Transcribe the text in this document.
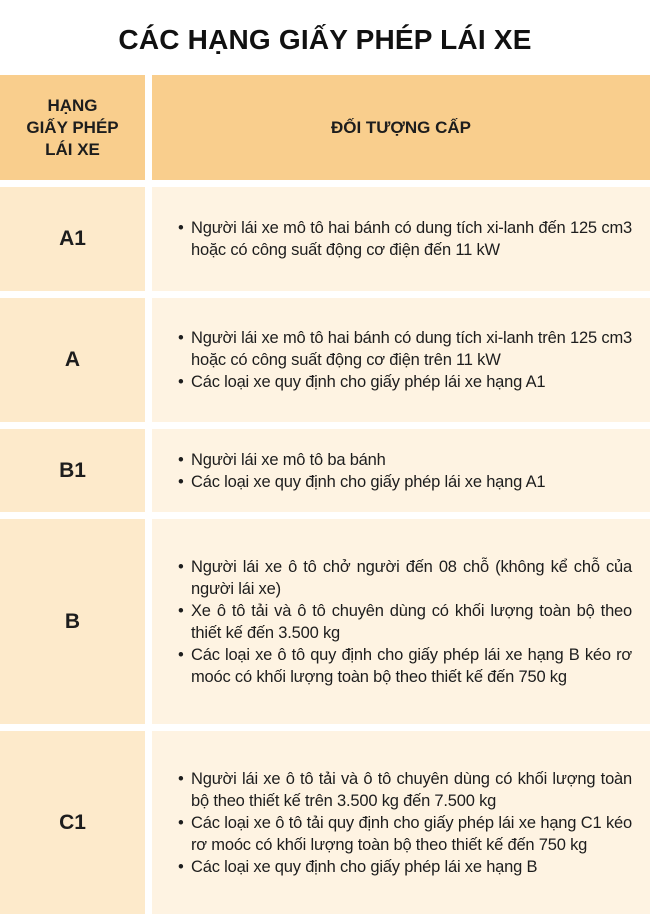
CÁC HẠNG GIẤY PHÉP LÁI XE
HẠNG
GIẤY PHÉP
LÁI XE
ĐỐI TƯỢNG CẤP
A1	• Người lái xe mô tô hai bánh có dung tích xi-lanh đến 125 cm3 hoặc có công suất động cơ điện đến 11 kW
A
• Người lái xe mô tô hai bánh có dung tích xi-lanh trên 125 cm3 hoặc có công suất động cơ điện trên 11 kW
• Các loại xe quy định cho giấy phép lái xe hạng A1
B1	• Người lái xe mô tô ba bánh
• Các loại xe quy định cho giấy phép lái xe hạng A1
B
• Người lái xe ô tô chở người đến 08 chỗ (không kể chỗ của người lái xe)
• Xe ô tô tải và ô tô chuyên dùng có khối lượng toàn bộ theo thiết kế đến 3.500 kg
• Các loại xe ô tô quy định cho giấy phép lái xe hạng B kéo rơ moóc có khối lượng toàn bộ theo thiết kế đến 750 kg
C1
• Người lái xe ô tô tải và ô tô chuyên dùng có khối lượng toàn bộ theo thiết kế trên 3.500 kg đến 7.500 kg
• Các loại xe ô tô tải quy định cho giấy phép lái xe hạng C1 kéo rơ moóc có khối lượng toàn bộ theo thiết kế đến 750 kg
• Các loại xe quy định cho giấy phép lái xe hạng B
